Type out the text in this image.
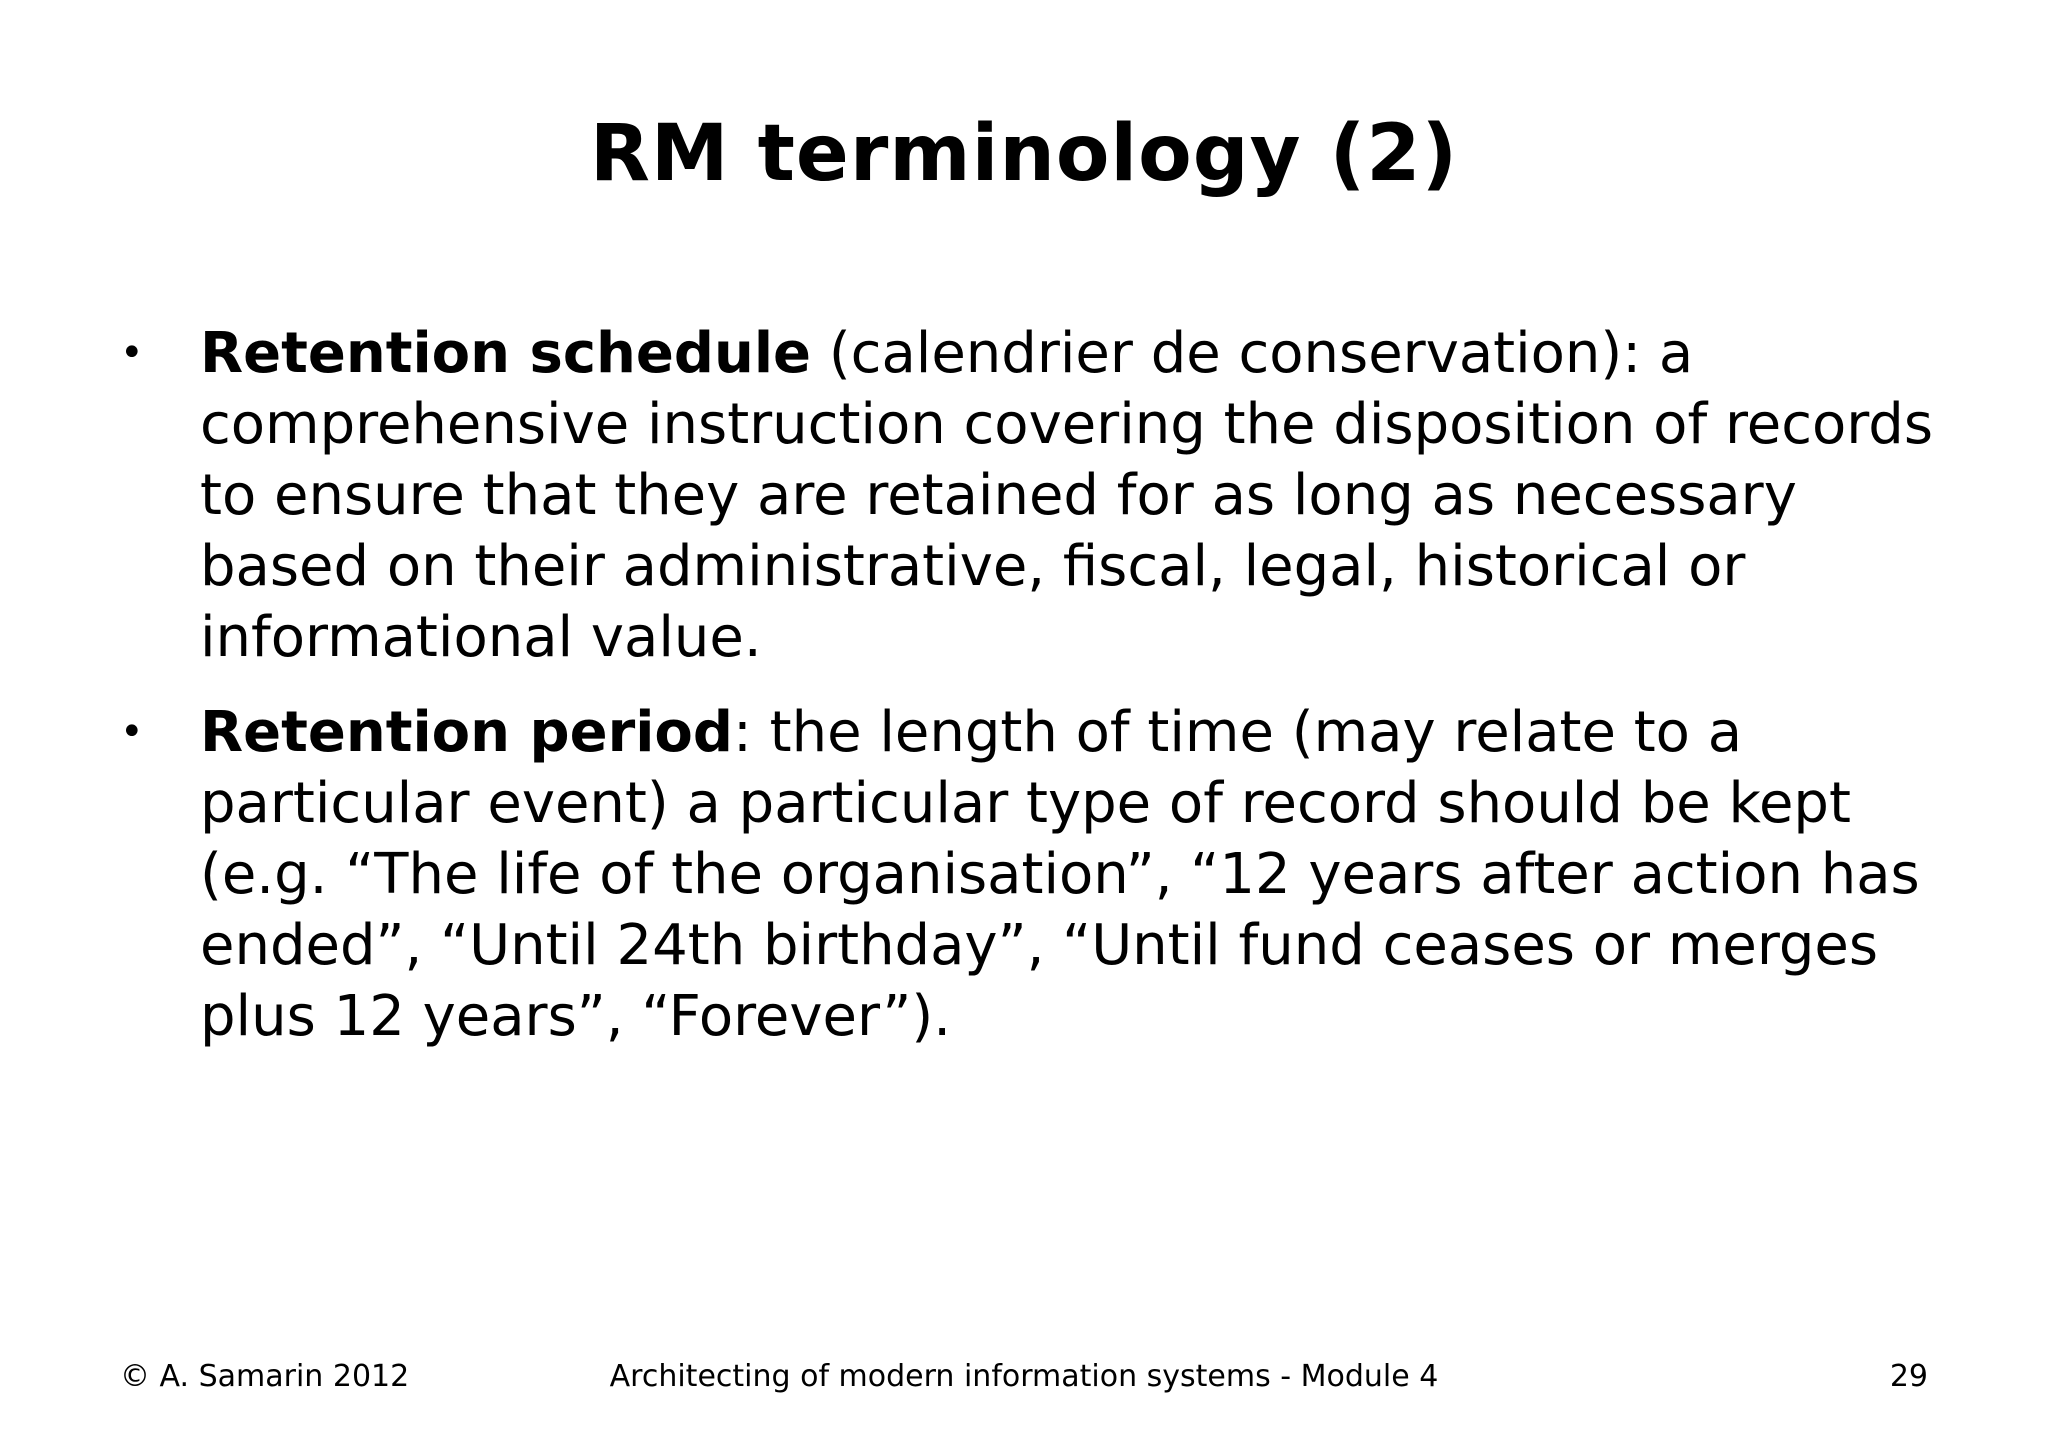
RM terminology (2)
• Retention schedule (calendrier de conservation): a comprehensive instruction covering the disposition of records to ensure that they are retained for as long as necessary based on their administrative, fiscal, legal, historical or informational value.
• Retention period: the length of time (may relate to a particular event) a particular type of record should be kept (e.g. “The life of the organisation”, “12 years after action has ended”, “Until 24th birthday”, “Until fund ceases or merges plus 12 years”, “Forever”).
© A. Samarin 2012	Architecting of modern information systems - Module 4	29
